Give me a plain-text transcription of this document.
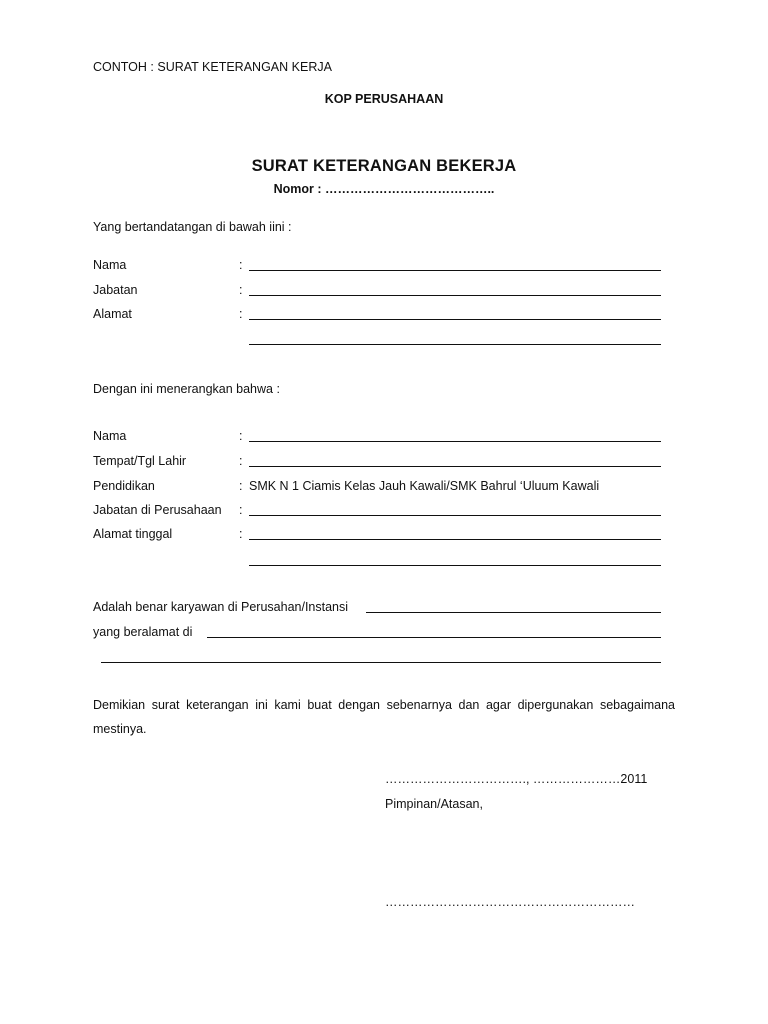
CONTOH : SURAT KETERANGAN KERJA
KOP PERUSAHAAN
SURAT KETERANGAN BEKERJA
Nomor : …………………………………..
Yang bertandatangan di bawah iini :
Nama	:
Jabatan	:
Alamat	:
Dengan ini menerangkan bahwa :
Nama	:
Tempat/Tgl Lahir	:
Pendidikan	: SMK N 1 Ciamis Kelas Jauh Kawali/SMK Bahrul ‘Uluum Kawali
Jabatan di Perusahaan :
Alamat tinggal	:
Adalah benar karyawan di Perusahan/Instansi
yang beralamat di
Demikian surat keterangan ini kami buat dengan sebenarnya dan agar dipergunakan sebagaimana mestinya.
……………………………., …………………2011
Pimpinan/Atasan,
……………………………………………………
